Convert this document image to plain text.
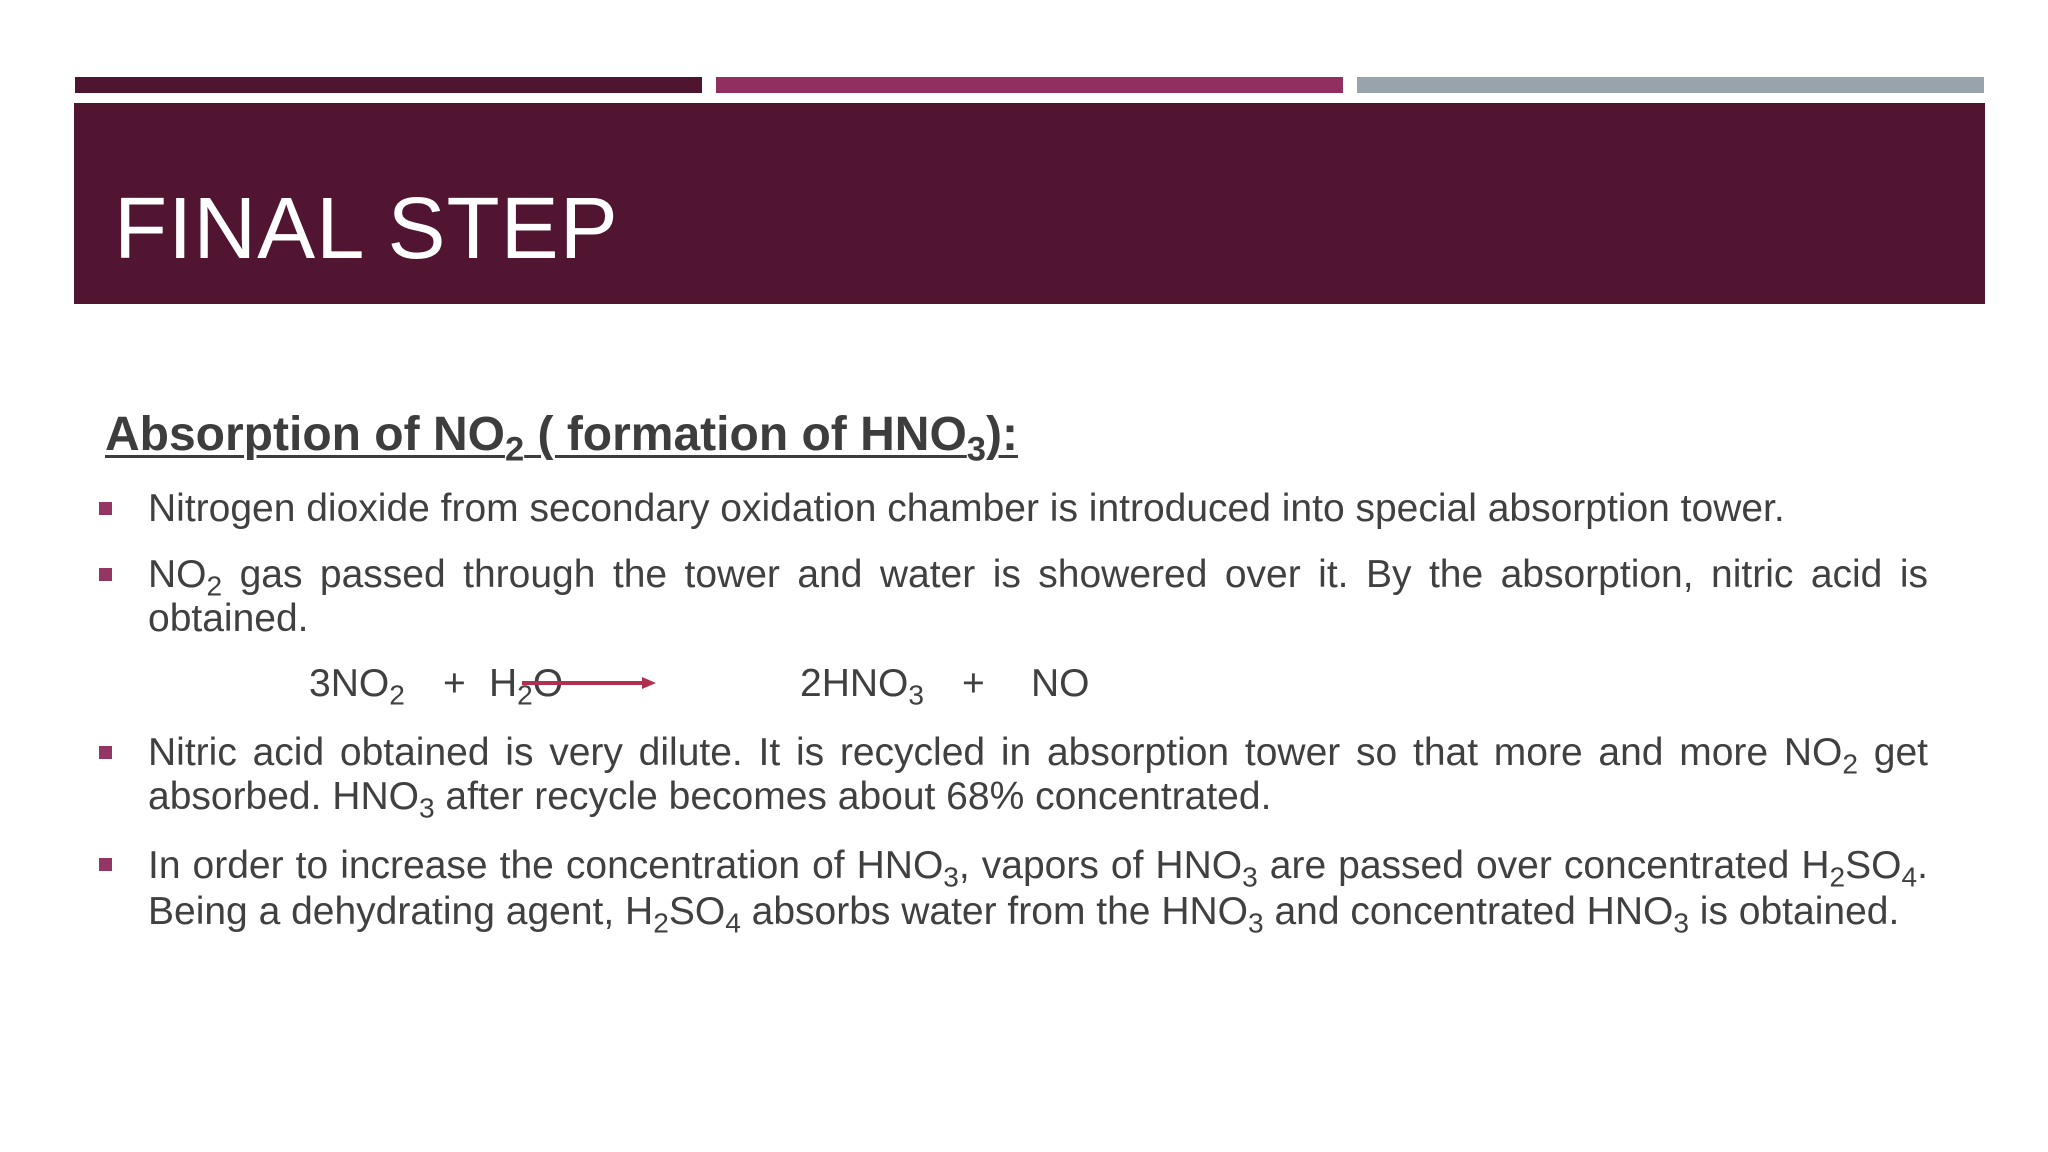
FINAL STEP
Absorption of $NO_2$ ( formation of $HNO_3$):
Nitrogen dioxide from secondary oxidation chamber is introduced into special absorption tower.
$NO_2$ gas passed through the tower and water is showered over it. By the absorption, nitric acid is obtained.
$3NO_2 + H_2O$	$2HNO_3$ + NO
Nitric acid obtained is very dilute. It is recycled in absorption tower so that more and more $NO_2$ get absorbed. $HNO_3$ after recycle becomes about 68% concentrated.
In order to increase the concentration of $HNO_3$, vapors of $HNO_3$ are passed over concentrated $H_2SO_4$. Being a dehydrating agent, $H_2SO_4$ absorbs water from the $HNO_3$ and concentrated $HNO_3$ is obtained.
